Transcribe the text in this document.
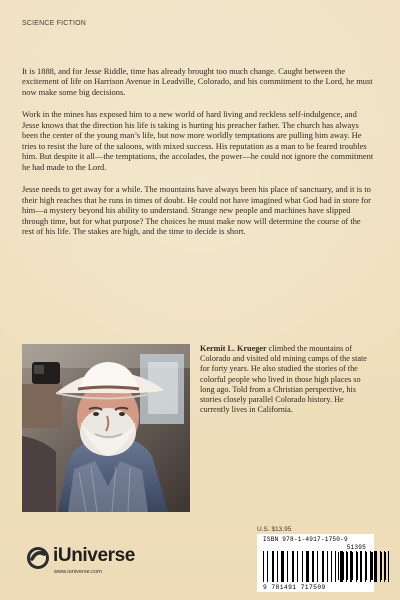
SCIENCE FICTION

It is 1888, and for Jesse Riddle, time has already brought too much change. Caught between the excitement of life on Harrison Avenue in Leadville, Colorado, and his commitment to the Lord, he must now make some big decisions.

Work in the mines has exposed him to a new world of hard living and reckless self-indulgence, and Jesse knows that the direction his life is taking is hurting his preacher father. The church has always been the center of the young man’s life, but now more worldly temptations are pulling him away. He tries to resist the lure of the saloons, with mixed success. His reputation as a man to be feared troubles him. But despite it all—the temptations, the accolades, the power—he could not ignore the commitment he had made to the Lord.

Jesse needs to get away for a while. The mountains have always been his place of sanctuary, and it is to their high reaches that he runs in times of doubt. He could not have imagined what God had in store for him—a mystery beyond his ability to understand. Strange new people and machines have slipped through time, but for what purpose? The choices he must make now will determine the course of the rest of his life. The stakes are high, and the time to decide is short.

Kermit L. Krueger climbed the mountains of Colorado and visited old mining camps of the state for forty years. He also studied the stories of the colorful people who lived in those high places so long ago. Told from a Christian perspective, his stories closely parallel Colorado history. He currently lives in California.
U.S. $13.95
ISBN 978-1-4917-1750-9
51395
9 781491 717509
iUniverse
www.iuniverse.com
